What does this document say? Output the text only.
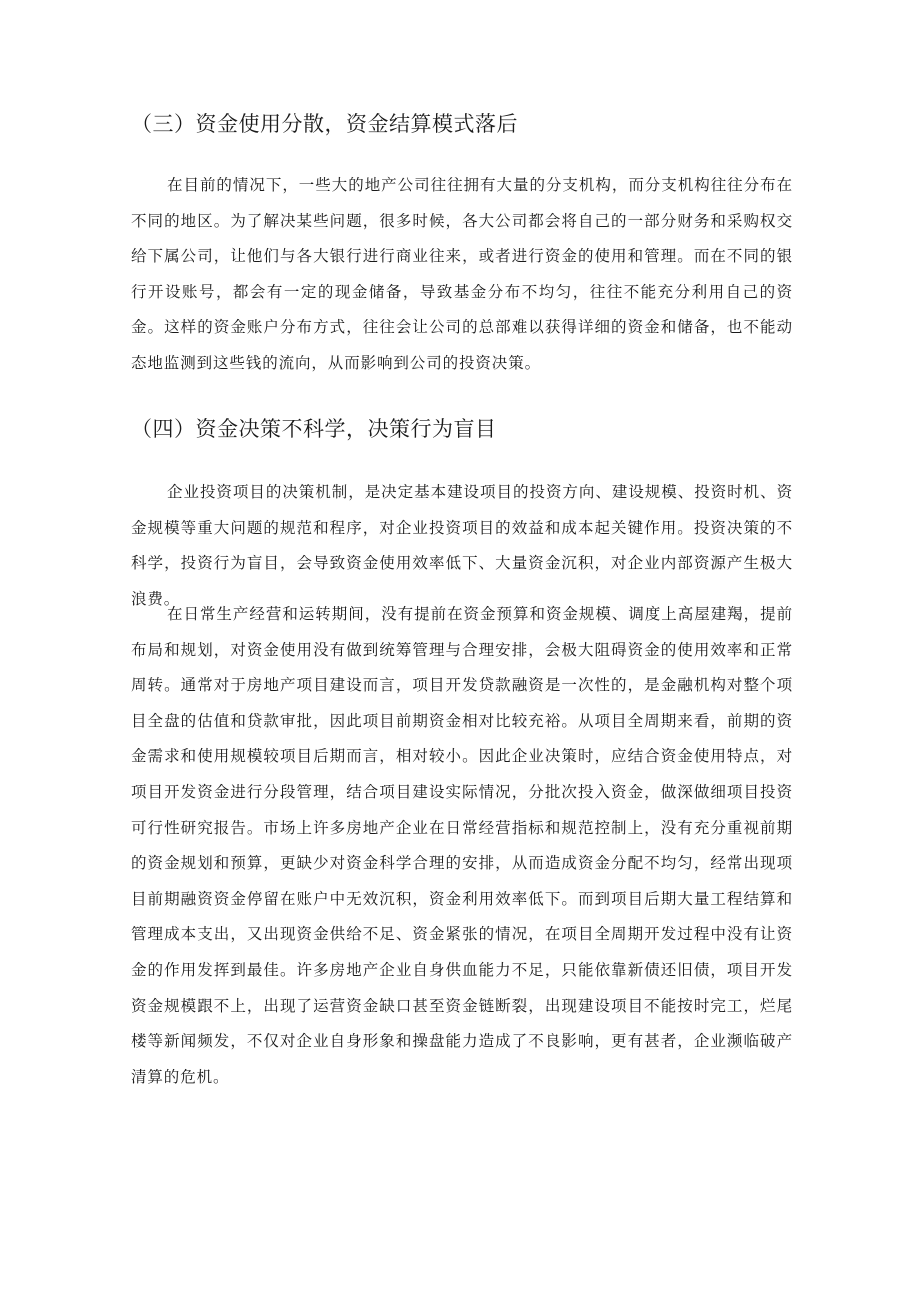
（三）资金使用分散，资金结算模式落后

在目前的情况下，一些大的地产公司往往拥有大量的分支机构，而分支机构往往分布在不同的地区。为了解决某些问题，很多时候，各大公司都会将自己的一部分财务和采购权交给下属公司，让他们与各大银行进行商业往来，或者进行资金的使用和管理。而在不同的银行开设账号，都会有一定的现金储备，导致基金分布不均匀，往往不能充分利用自己的资金。这样的资金账户分布方式，往往会让公司的总部难以获得详细的资金和储备，也不能动态地监测到这些钱的流向，从而影响到公司的投资决策。

（四）资金决策不科学，决策行为盲目

企业投资项目的决策机制，是决定基本建设项目的投资方向、建设规模、投资时机、资金规模等重大问题的规范和程序，对企业投资项目的效益和成本起关键作用。投资决策的不科学，投资行为盲目，会导致资金使用效率低下、大量资金沉积，对企业内部资源产生极大浪费。

在日常生产经营和运转期间，没有提前在资金预算和资金规模、调度上高屋建羯，提前布局和规划，对资金使用没有做到统筹管理与合理安排，会极大阻碍资金的使用效率和正常周转。通常对于房地产项目建设而言，项目开发贷款融资是一次性的，是金融机构对整个项目全盘的估值和贷款审批，因此项目前期资金相对比较充裕。从项目全周期来看，前期的资金需求和使用规模较项目后期而言，相对较小。因此企业决策时，应结合资金使用特点，对项目开发资金进行分段管理，结合项目建设实际情况，分批次投入资金，做深做细项目投资可行性研究报告。市场上许多房地产企业在日常经营指标和规范控制上，没有充分重视前期的资金规划和预算，更缺少对资金科学合理的安排，从而造成资金分配不均匀，经常出现项目前期融资资金停留在账户中无效沉积，资金利用效率低下。而到项目后期大量工程结算和管理成本支出，又出现资金供给不足、资金紧张的情况，在项目全周期开发过程中没有让资金的作用发挥到最佳。许多房地产企业自身供血能力不足，只能依靠新债还旧债，项目开发资金规模跟不上，出现了运营资金缺口甚至资金链断裂，出现建设项目不能按时完工，烂尾楼等新闻频发，不仅对企业自身形象和操盘能力造成了不良影响，更有甚者，企业濒临破产清算的危机。
